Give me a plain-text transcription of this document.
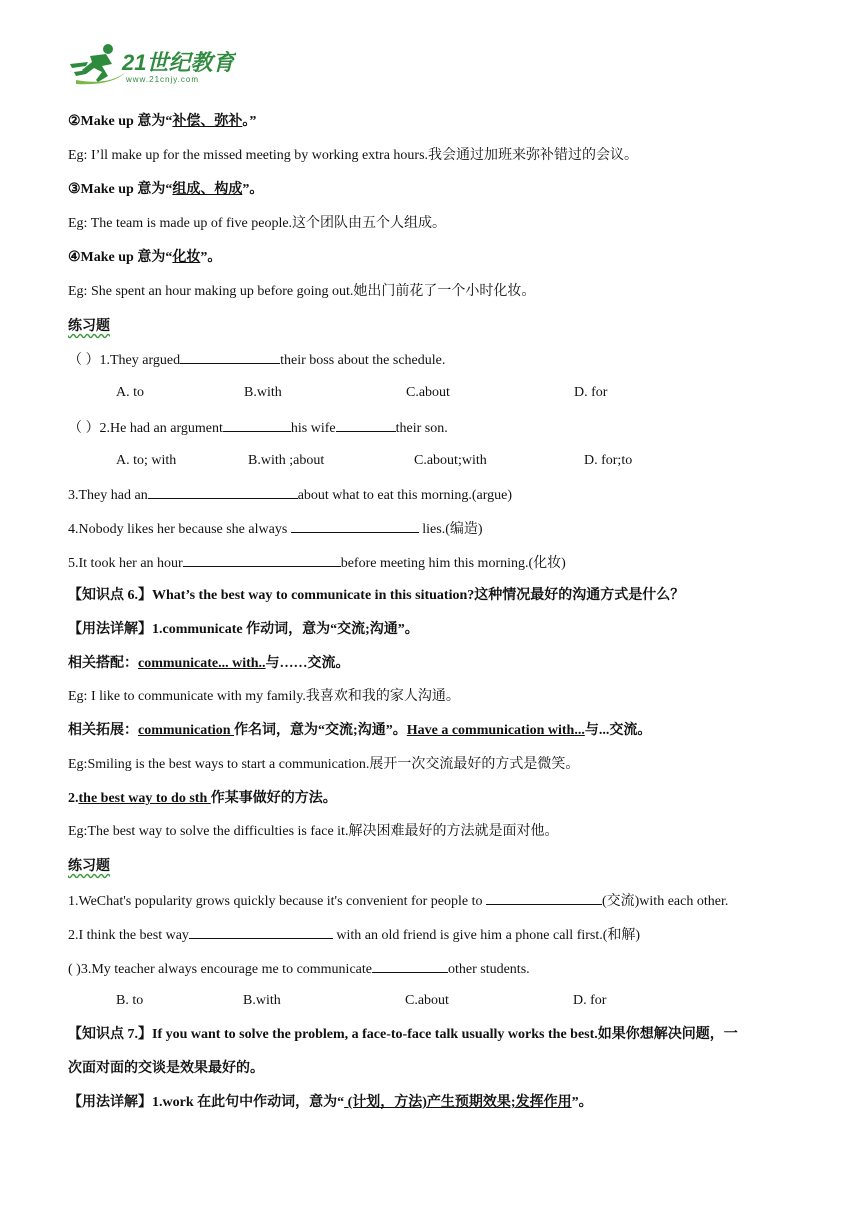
21世纪教育
www.21cnjy.com
②Make up 意为“补偿、弥补。”
Eg: I’ll make up for the missed meeting by working extra hours.我会通过加班来弥补错过的会议。
③Make up 意为“组成、构成”。
Eg: The team is made up of five people.这个团队由五个人组成。
④Make up 意为“化妆”。
Eg: She spent an hour making up before going out.她出门前花了一个小时化妆。
练习题
（ ）1.They argued	their boss about the schedule.
A. to	B.with	C.about	D. for
（ ）2.He had an argument	his wife	their son.
A. to; with	B.with ;about	C.about;with	D. for;to
3.They had an	about what to eat this morning.(argue)
4.Nobody likes her because she always	lies.(编造)
5.It took her an hour	before meeting him this morning.(化妆)
【知识点 6.】What’s the best way to communicate in this situation?这种情况最好的沟通方式是什么？
【用法详解】1.communicate 作动词，意为“交流;沟通”。
相关搭配：communicate... with..与……交流。
Eg: I like to communicate with my family.我喜欢和我的家人沟通。
相关拓展：communication 作名词，意为“交流;沟通”。Have a communication with...与...交流。
Eg:Smiling is the best ways to start a communication.展开一次交流最好的方式是微笑。
2.the best way to do sth 作某事做好的方法。
Eg:The best way to solve the difficulties is face it.解决困难最好的方法就是面对他。
练习题
1.WeChat's popularity grows quickly because it's convenient for people to	(交流)with each other.
2.I think the best way	with an old friend is give him a phone call first.(和解)
( )3.My teacher always encourage me to communicate	other students.
B. to	B.with	C.about	D. for
【知识点 7.】If you want to solve the problem, a face-to-face talk usually works the best.如果你想解决问题，一
次面对面的交谈是效果最好的。
【用法详解】1.work 在此句中作动词，意为“ (计划，方法)产生预期效果;发挥作用”。
